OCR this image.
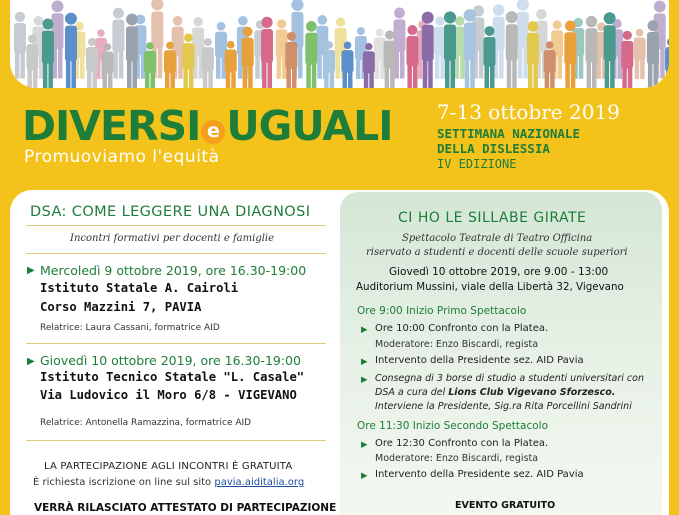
DIVERSI e UGUALI
Promuoviamo l'equità
7-13 ottobre 2019
SETTIMANA NAZIONALE
DELLA DISLESSIA
IV EDIZIONE
DSA: COME LEGGERE UNA DIAGNOSI
Incontri formativi per docenti e famiglie
▶ Mercoledì 9 ottobre 2019, ore 16.30-19:00
Istituto Statale A. Cairoli
Corso Mazzini 7, PAVIA
Relatrice: Laura Cassani, formatrice AID
▶ Giovedì 10 ottobre 2019, ore 16.30-19:00
Istituto Tecnico Statale "L. Casale"
Via Ludovico il Moro 6/8 - VIGEVANO
Relatrice: Antonella Ramazzina, formatrice AID
LA PARTECIPAZIONE AGLI INCONTRI È GRATUITA
È richiesta iscrizione on line sul sito pavia.aiditalia.org
VERRÀ RILASCIATO ATTESTATO DI PARTECIPAZIONE
CI HO LE SILLABE GIRATE
Spettacolo Teatrale di Teatro Officina
riservato a studenti e docenti delle scuole superiori
Giovedì 10 ottobre 2019, ore 9.00 - 13:00
Auditorium Mussini, viale della Libertà 32, Vigevano
Ore 9:00 Inizio Primo Spettacolo
▶ Ore 10:00 Confronto con la Platea.
Moderatore: Enzo Biscardi, regista
▶ Intervento della Presidente sez. AID Pavia
▶ Consegna di 3 borse di studio a studenti universitari con
DSA a cura del Lions Club Vigevano Sforzesco.
Interviene la Presidente, Sig.ra Rita Porcellini Sandrini
Ore 11:30 Inizio Secondo Spettacolo
▶ Ore 12:30 Confronto con la Platea.
Moderatore: Enzo Biscardi, regista
▶ Intervento della Presidente sez. AID Pavia
EVENTO GRATUITO
